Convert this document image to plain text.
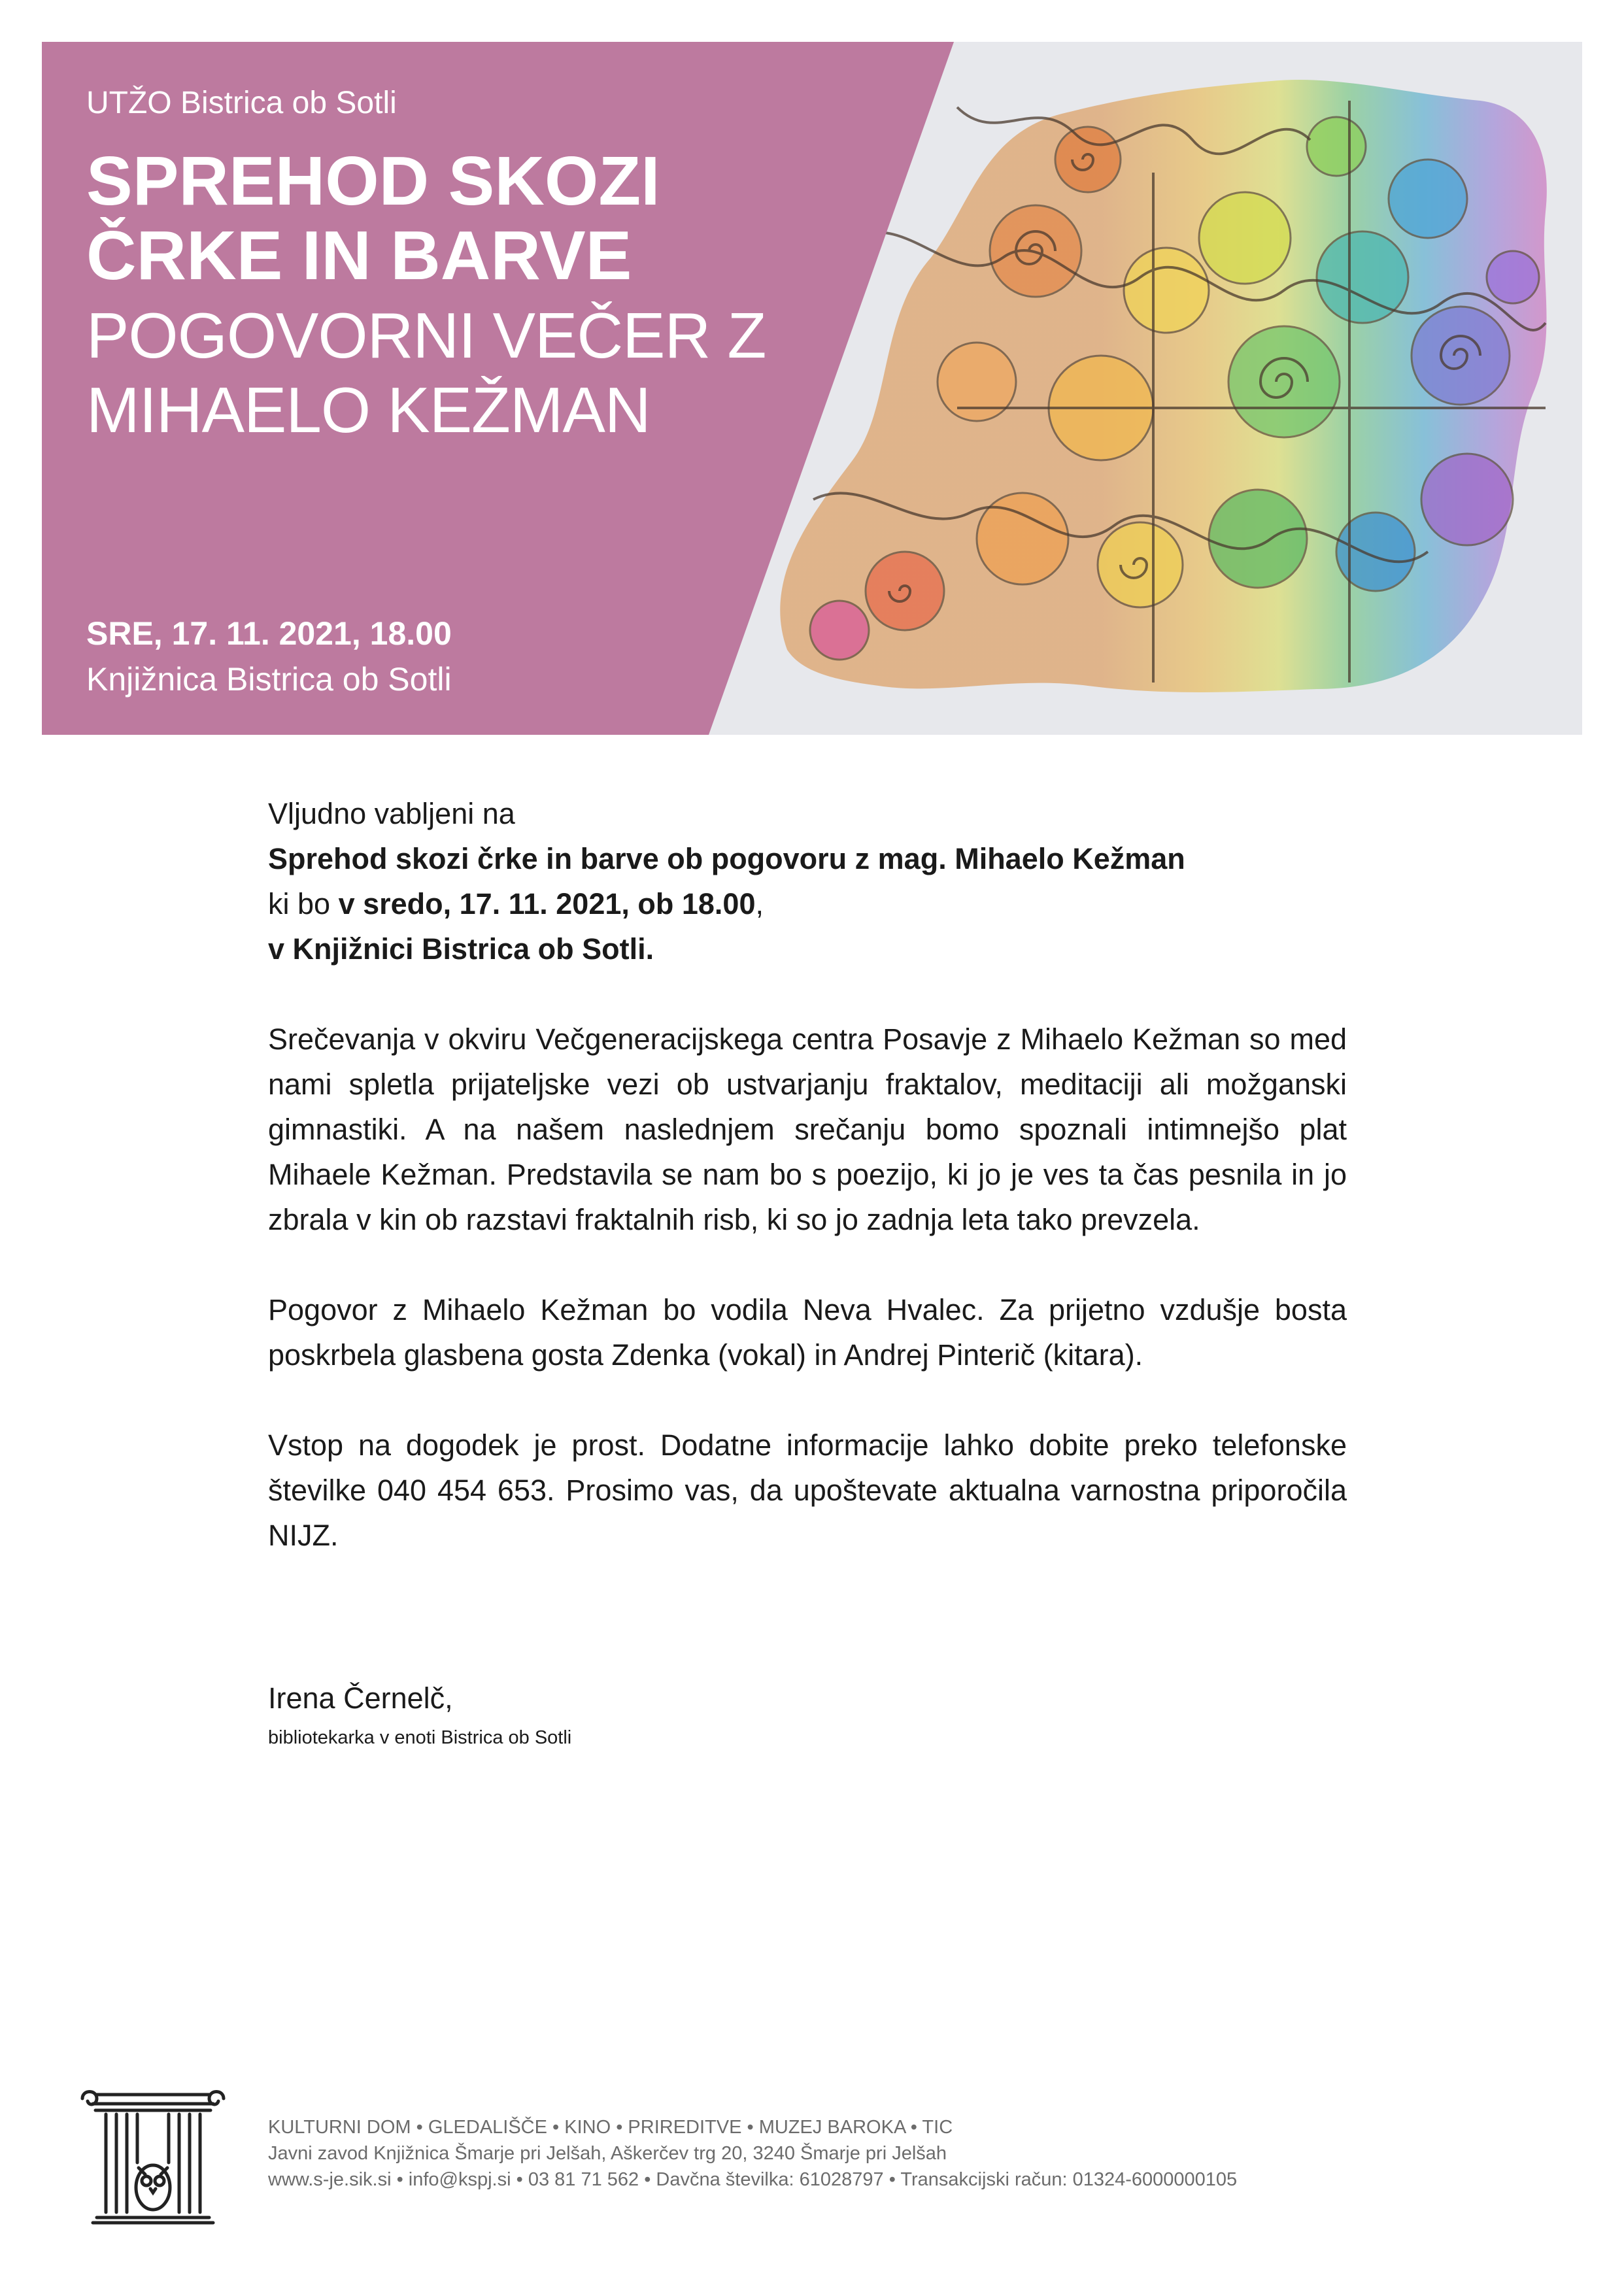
UTŽO Bistrica ob Sotli
SPREHOD SKOZI
ČRKE IN BARVE
POGOVORNI VEČER Z
MIHAELO KEŽMAN
SRE, 17. 11. 2021, 18.00
Knjižnica Bistrica ob Sotli

Vljudno vabljeni na

Sprehod skozi črke in barve ob pogovoru z mag. Mihaelo Kežman

ki bo v sredo, 17. 11. 2021, ob 18.00,

v Knjižnici Bistrica ob Sotli.

Srečevanja v okviru Večgeneracijskega centra Posavje z Mihaelo Kežman so med nami spletla prijateljske vezi ob ustvarjanju fraktalov, meditaciji ali možganski gimnastiki. A na našem naslednjem srečanju bomo spoznali intimnejšo plat Mihaele Kežman. Predstavila se nam bo s poezijo, ki jo je ves ta čas pesnila in jo zbrala v kin ob razstavi fraktalnih risb, ki so jo zadnja leta tako prevzela.

Pogovor z Mihaelo Kežman bo vodila Neva Hvalec. Za prijetno vzdušje bosta poskrbela glasbena gosta Zdenka (vokal) in Andrej Pinterič (kitara).

Vstop na dogodek je prost. Dodatne informacije lahko dobite preko telefonske številke 040 454 653. Prosimo vas, da upoštevate aktualna varnostna priporočila NIJZ.

Irena Černelč,
bibliotekarka v enoti Bistrica ob Sotli
KULTURNI DOM • GLEDALIŠČE • KINO • PRIREDITVE • MUZEJ BAROKA • TIC
Javni zavod Knjižnica Šmarje pri Jelšah, Aškerčev trg 20, 3240 Šmarje pri Jelšah
www.s-je.sik.si • info@kspj.si • 03 81 71 562 • Davčna številka: 61028797 • Transakcijski račun: 01324-6000000105
